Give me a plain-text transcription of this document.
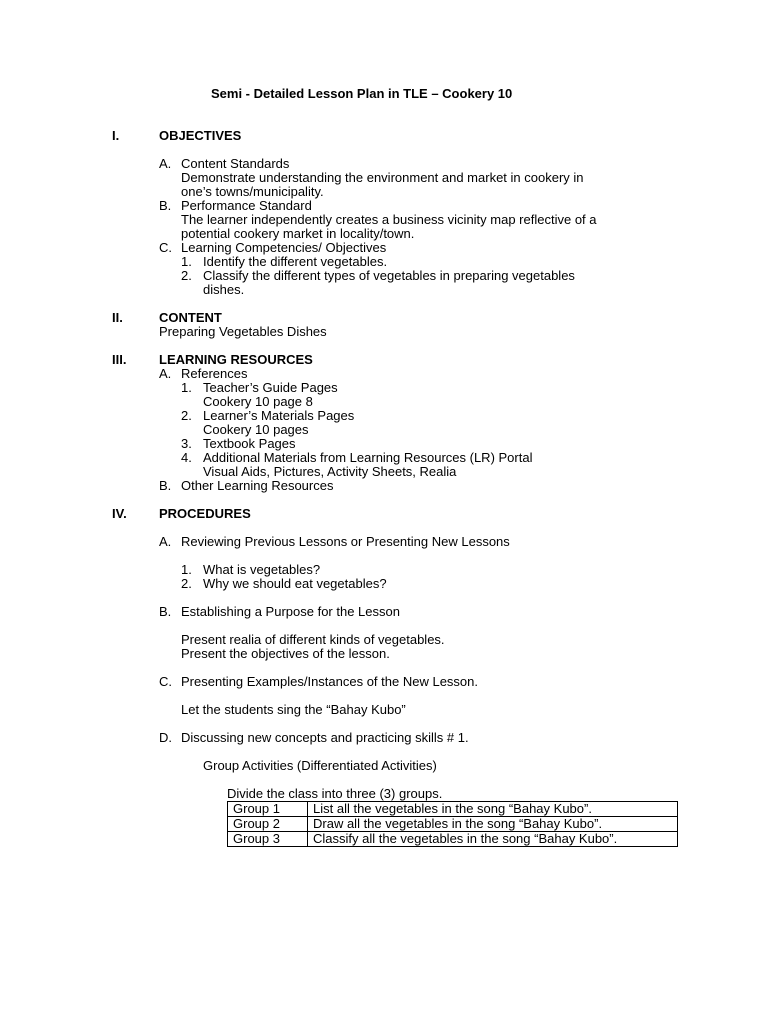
Semi - Detailed Lesson Plan in TLE – Cookery 10
I.	OBJECTIVES
A. Content Standards
Demonstrate understanding the environment and market in cookery in
one’s towns/municipality.
B. Performance Standard
The learner independently creates a business vicinity map reflective of a
potential cookery market in locality/town.
C. Learning Competencies/ Objectives
1. Identify the different vegetables.
2. Classify the different types of vegetables in preparing vegetables
dishes.
II.	CONTENT
Preparing Vegetables Dishes
III.	LEARNING RESOURCES
A. References
1. Teacher’s Guide Pages
Cookery 10 page 8
2. Learner’s Materials Pages
Cookery 10 pages
3. Textbook Pages
4. Additional Materials from Learning Resources (LR) Portal
Visual Aids, Pictures, Activity Sheets, Realia
B. Other Learning Resources
IV. PROCEDURES
A. Reviewing Previous Lessons or Presenting New Lessons
1. What is vegetables?
2. Why we should eat vegetables?
B. Establishing a Purpose for the Lesson
Present realia of different kinds of vegetables.
Present the objectives of the lesson.
C. Presenting Examples/Instances of the New Lesson.
Let the students sing the “Bahay Kubo”
D. Discussing new concepts and practicing skills # 1.
Group Activities (Differentiated Activities)
Divide the class into three (3) groups.
Group 1	List all the vegetables in the song “Bahay Kubo”.
Group 2	Draw all the vegetables in the song “Bahay Kubo”.
Group 3	Classify all the vegetables in the song “Bahay Kubo”.
